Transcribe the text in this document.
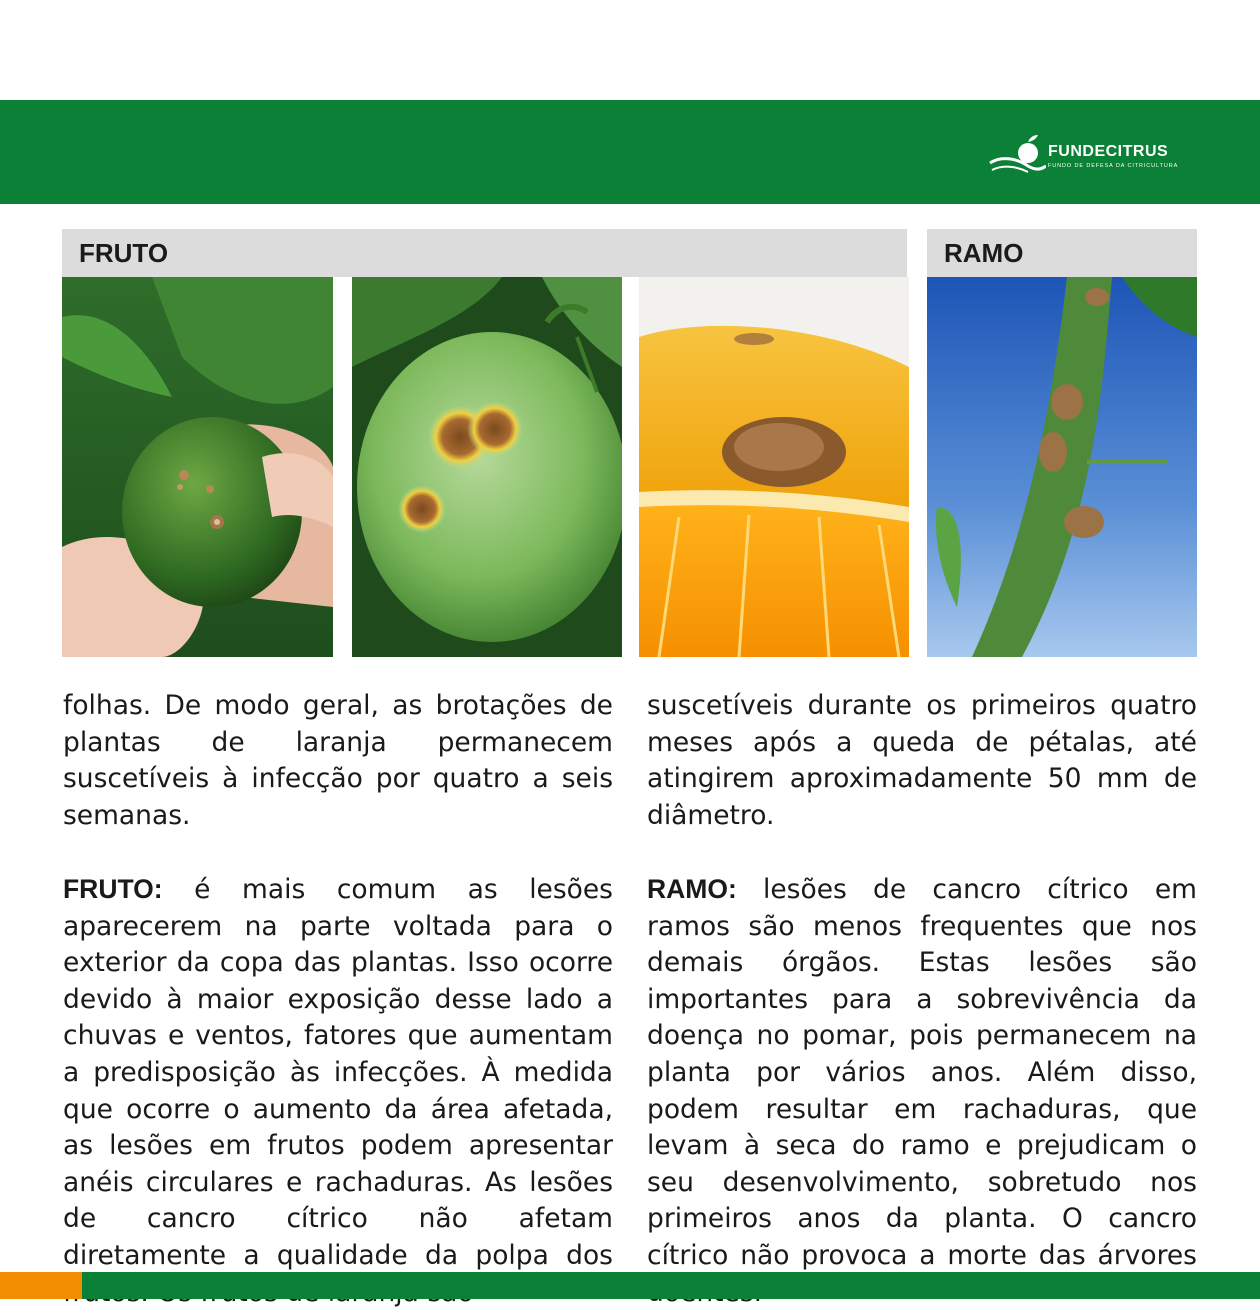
FUNDECITRUS
FUNDO DE DEFESA DA CITRICULTURA
FRUTO	RAMO

folhas. De modo geral, as brotações de plantas de laranja permanecem suscetíveis à infecção por quatro a seis semanas.

FRUTO: é mais comum as lesões aparecerem na parte voltada para o exterior da copa das plantas. Isso ocorre devido à maior exposição desse lado a chuvas e ventos, fatores que aumentam a predisposição às infecções. À medida que ocorre o aumento da área afetada, as lesões em frutos podem apresentar anéis circulares e rachaduras. As lesões de cancro cítrico não afetam diretamente a qualidade da polpa dos

suscetíveis durante os primeiros quatro meses após a queda de pétalas, até atingirem aproximadamente 50 mm de diâmetro.

RAMO: lesões de cancro cítrico em ramos são menos frequentes que nos demais órgãos. Estas lesões são importantes para a sobrevivência da doença no pomar, pois permanecem na planta por vários anos. Além disso, podem resultar em rachaduras, que levam à seca do ramo e prejudicam o seu desenvolvimento, sobretudo nos primeiros anos da planta. O cancro cítrico não provoca a morte das árvores
